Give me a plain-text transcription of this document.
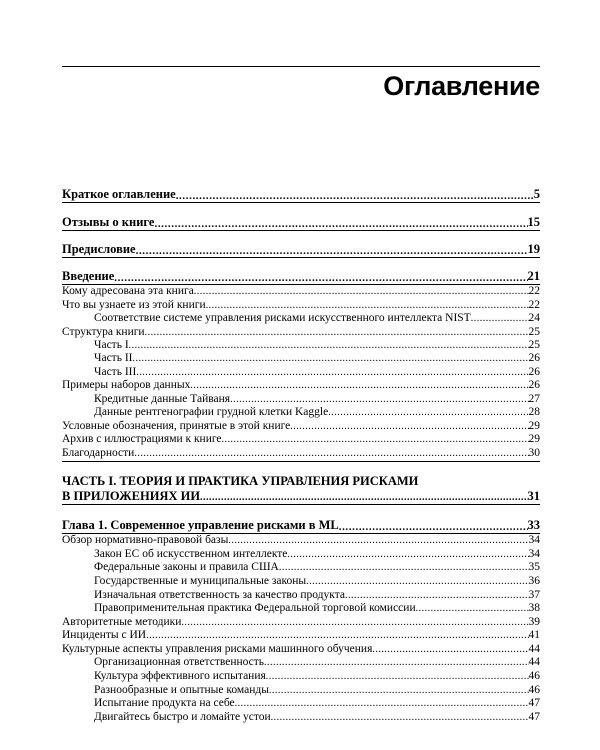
Оглавление
Краткое оглавление .....	5
Отзывы о книге .....	15
Предисловие .....	19
Введение .....	21
Кому адресована эта книга .....	22
Что вы узнаете из этой книги .....	22
Соответствие системе управления рисками искусственного интеллекта NIST .....	24
Структура книги .....	25
Часть I .....	25
Часть II .....	26
Часть III .....	26
Примеры наборов данных .....	26
Кредитные данные Тайваня .....	27
Данные рентгенографии грудной клетки Kaggle .....	28
Условные обозначения, принятые в этой книге .....	29
Архив с иллюстрациями к книге .....	29
Благодарности .....	30
ЧАСТЬ I. ТЕОРИЯ И ПРАКТИКА УПРАВЛЕНИЯ РИСКАМИ
В ПРИЛОЖЕНИЯХ ИИ .....	31
Глава 1. Современное управление рисками в ML .....	33
Обзор нормативно-правовой базы .....	34
Закон ЕС об искусственном интеллекте .....	34
Федеральные законы и правила США .....	35
Государственные и муниципальные законы .....	36
Изначальная ответственность за качество продукта .....	37
Правоприменительная практика Федеральной торговой комиссии .....	38
Авторитетные методики .....	39
Инциденты с ИИ .....	41
Культурные аспекты управления рисками машинного обучения .....	44
Организационная ответственность .....	44
Культура эффективного испытания .....	46
Разнообразные и опытные команды .....	46
Испытание продукта на себе .....	47
Двигайтесь быстро и ломайте устои .....	47
